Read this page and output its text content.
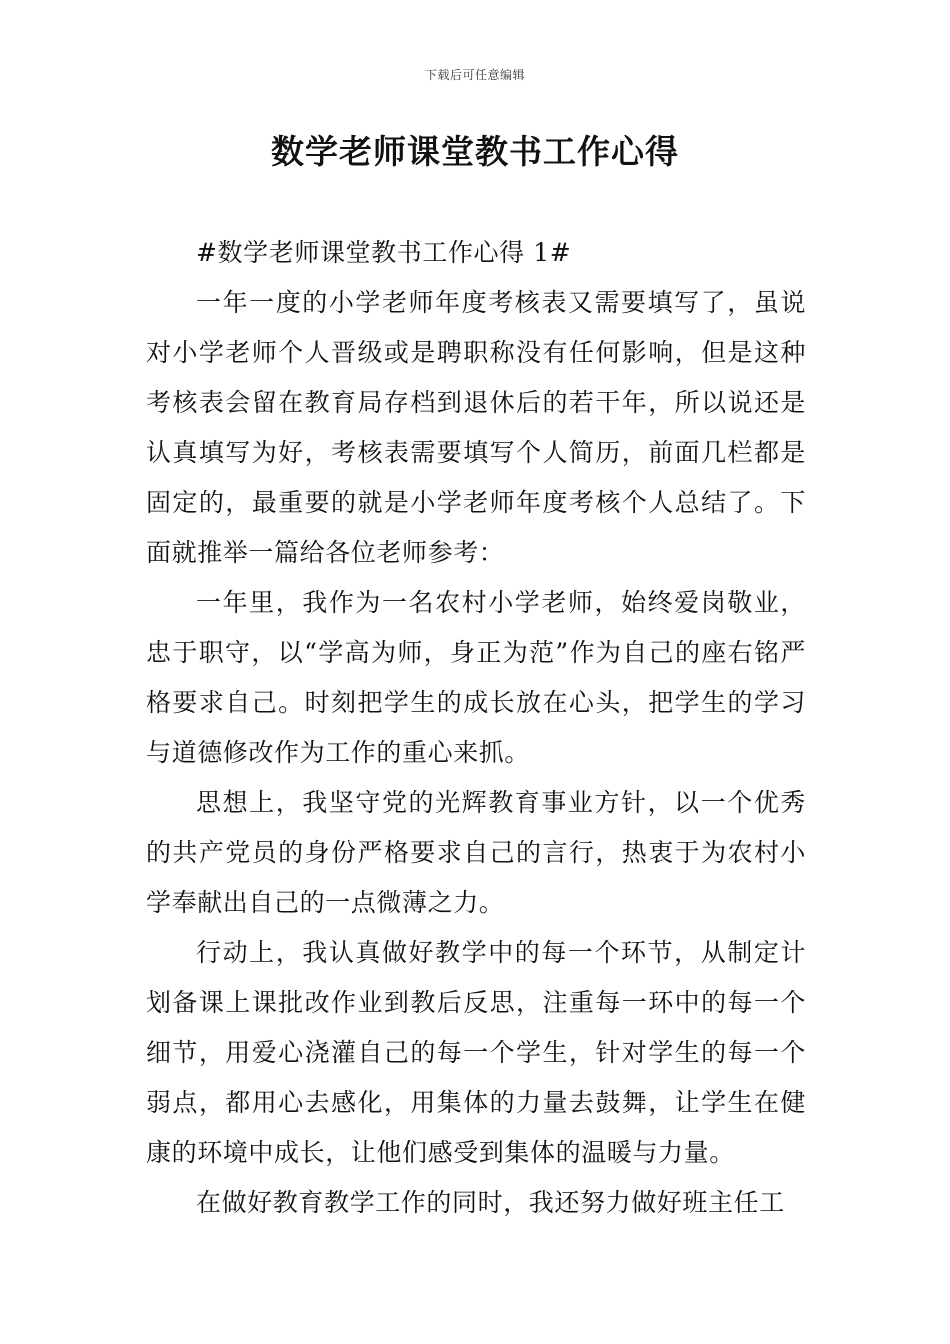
下载后可任意编辑
数学老师课堂教书工作心得

#数学老师课堂教书工作心得 1#

一年一度的小学老师年度考核表又需要填写了，虽说对小学老师个人晋级或是聘职称没有任何影响，但是这种考核表会留在教育局存档到退休后的若干年，所以说还是认真填写为好，考核表需要填写个人简历，前面几栏都是固定的，最重要的就是小学老师年度考核个人总结了。下面就推举一篇给各位老师参考：

一年里，我作为一名农村小学老师，始终爱岗敬业，忠于职守，以“学高为师，身正为范”作为自己的座右铭严格要求自己。时刻把学生的成长放在心头，把学生的学习与道德修改作为工作的重心来抓。

思想上，我坚守党的光辉教育事业方针，以一个优秀的共产党员的身份严格要求自己的言行，热衷于为农村小学奉献出自己的一点微薄之力。

行动上，我认真做好教学中的每一个环节，从制定计划备课上课批改作业到教后反思，注重每一环中的每一个细节，用爱心浇灌自己的每一个学生，针对学生的每一个弱点，都用心去感化，用集体的力量去鼓舞，让学生在健康的环境中成长，让他们感受到集体的温暖与力量。

在做好教育教学工作的同时，我还努力做好班主任工
